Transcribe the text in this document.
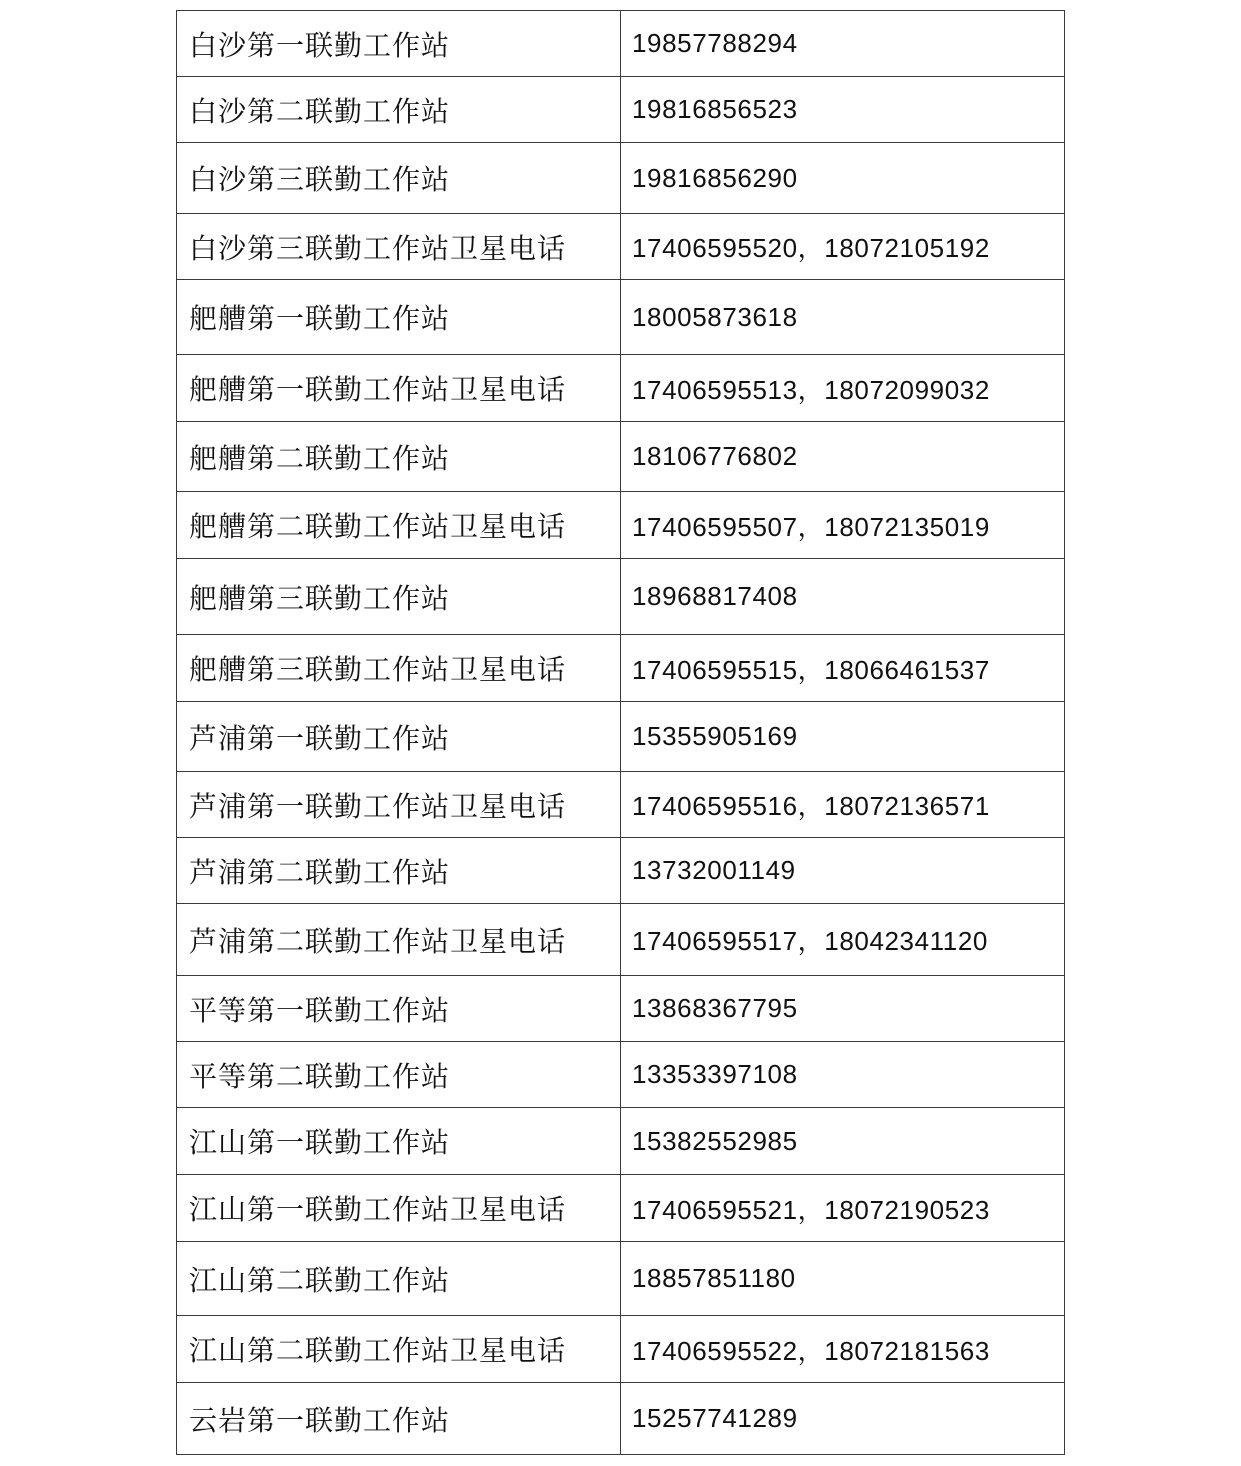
白沙第一联勤工作站	19857788294
白沙第二联勤工作站	19816856523
白沙第三联勤工作站	19816856290
白沙第三联勤工作站卫星电话	17406595520，18072105192
舥艚第一联勤工作站	18005873618
舥艚第一联勤工作站卫星电话	17406595513，18072099032
舥艚第二联勤工作站	18106776802
舥艚第二联勤工作站卫星电话	17406595507，18072135019
舥艚第三联勤工作站	18968817408
舥艚第三联勤工作站卫星电话	17406595515，18066461537
芦浦第一联勤工作站	15355905169
芦浦第一联勤工作站卫星电话	17406595516，18072136571
芦浦第二联勤工作站	13732001149
芦浦第二联勤工作站卫星电话	17406595517，18042341120
平等第一联勤工作站	13868367795
平等第二联勤工作站	13353397108
江山第一联勤工作站	15382552985
江山第一联勤工作站卫星电话	17406595521，18072190523
江山第二联勤工作站	18857851180
江山第二联勤工作站卫星电话	17406595522，18072181563
云岩第一联勤工作站	15257741289
